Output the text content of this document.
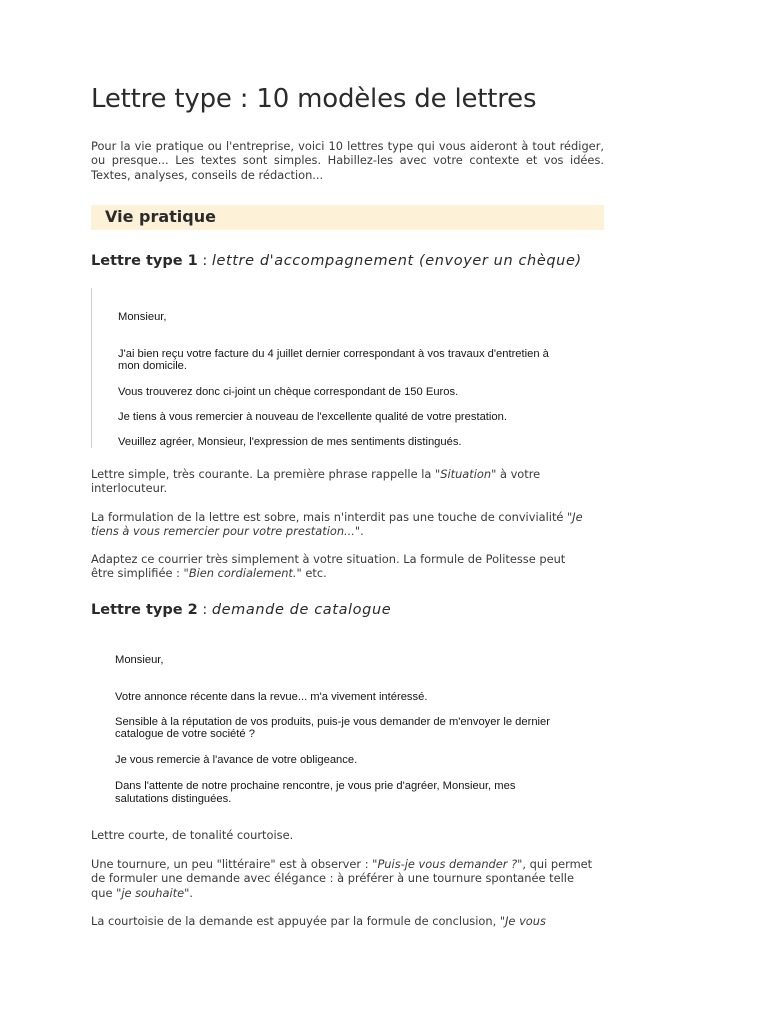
Lettre type : 10 modèles de lettres

Pour la vie pratique ou l'entreprise, voici 10 lettres type qui vous aideront à tout rédiger, ou presque... Les textes sont simples. Habillez-les avec votre contexte et vos idées. Textes, analyses, conseils de rédaction...

Vie pratique

Lettre type 1 : lettre d'accompagnement (envoyer un chèque)

Monsieur,

J'ai bien reçu votre facture du 4 juillet dernier correspondant à vos travaux d'entretien à

mon domicile.

Vous trouverez donc ci-joint un chèque correspondant de 150 Euros.

Je tiens à vous remercier à nouveau de l'excellente qualité de votre prestation.

Veuillez agréer, Monsieur, l'expression de mes sentiments distingués.

Lettre simple, très courante. La première phrase rappelle la "Situation" à votre
interlocuteur.

La formulation de la lettre est sobre, mais n'interdit pas une touche de convivialité "Je
tiens à vous remercier pour votre prestation...".

Adaptez ce courrier très simplement à votre situation. La formule de Politesse peut
être simplifiée : "Bien cordialement." etc.

Lettre type 2 : demande de catalogue

Monsieur,

Votre annonce récente dans la revue... m'a vivement intéressé.

Sensible à la réputation de vos produits, puis-je vous demander de m'envoyer le dernier

catalogue de votre société ?

Je vous remercie à l'avance de votre obligeance.

Dans l'attente de notre prochaine rencontre, je vous prie d'agréer, Monsieur, mes

salutations distinguées.

Lettre courte, de tonalité courtoise.

Une tournure, un peu "littéraire" est à observer : "Puis-je vous demander ?", qui permet
de formuler une demande avec élégance : à préférer à une tournure spontanée telle
que "je souhaite".

La courtoisie de la demande est appuyée par la formule de conclusion, "Je vous
